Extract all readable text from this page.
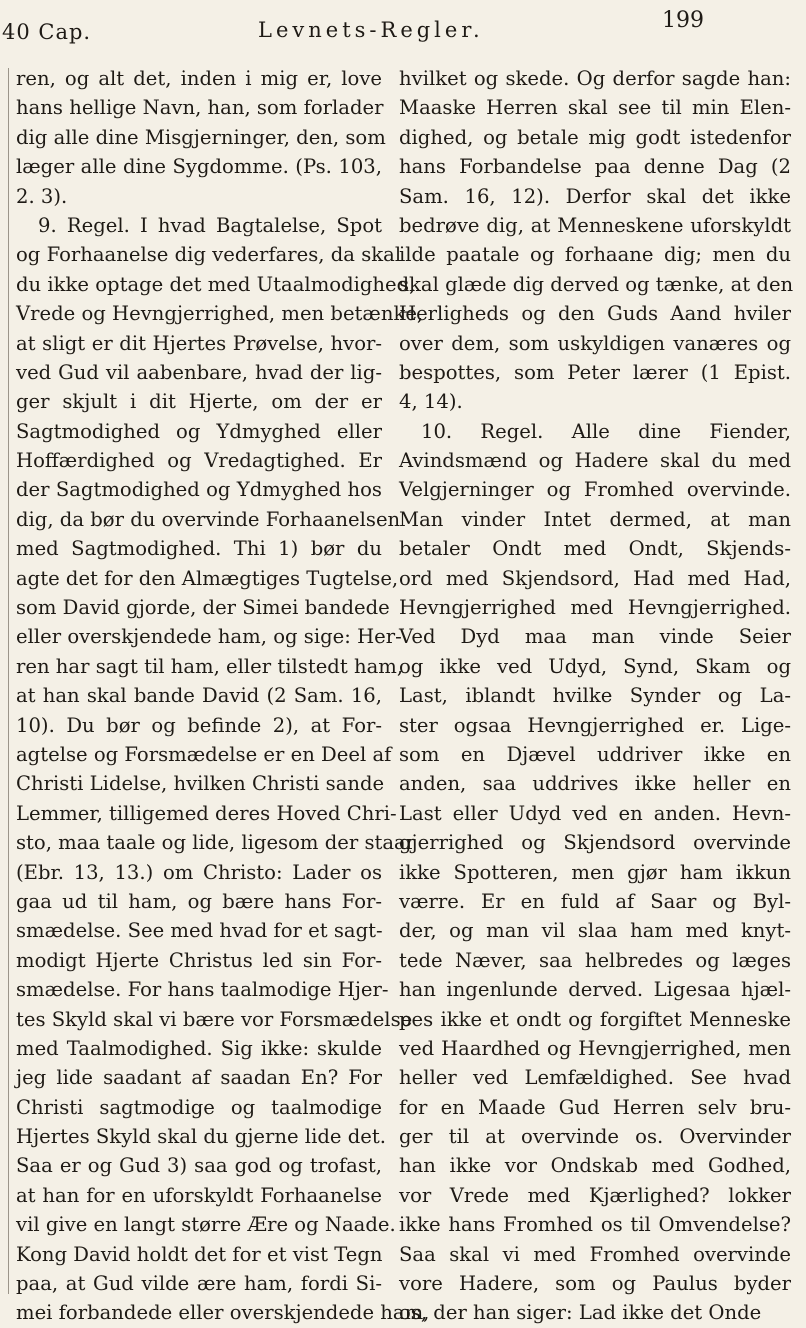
40 Cap.	Levnets-Regler.	199
ren, og alt det, inden i mig er, love
hans hellige Navn, han, som forlader
dig alle dine Misgjerninger, den, som
læger alle dine Sygdomme. (Ps. 103,
2. 3).
9. Regel. I hvad Bagtalelse, Spot
og Forhaanelse dig vederfares, da skal
du ikke optage det med Utaalmodighed,
Vrede og Hevngjerrighed, men betænke,
at sligt er dit Hjertes Prøvelse, hvor-
ved Gud vil aabenbare, hvad der lig-
ger skjult i dit Hjerte, om der er
Sagtmodighed og Ydmyghed eller
Hoffærdighed og Vredagtighed. Er
der Sagtmodighed og Ydmyghed hos
dig, da bør du overvinde Forhaanelsen
med Sagtmodighed. Thi 1) bør du
agte det for den Almægtiges Tugtelse,
som David gjorde, der Simei bandede
eller overskjendede ham, og sige: Her-
ren har sagt til ham, eller tilstedt ham,
at han skal bande David (2 Sam. 16,
10). Du bør og befinde 2), at For-
agtelse og Forsmædelse er en Deel af
Christi Lidelse, hvilken Christi sande
Lemmer, tilligemed deres Hoved Chri-
sto, maa taale og lide, ligesom der staar
(Ebr. 13, 13.) om Christo: Lader os
gaa ud til ham, og bære hans For-
smædelse. See med hvad for et sagt-
modigt Hjerte Christus led sin For-
smædelse. For hans taalmodige Hjer-
tes Skyld skal vi bære vor Forsmædelse
med Taalmodighed. Sig ikke: skulde
jeg lide saadant af saadan En? For
Christi sagtmodige og taalmodige
Hjertes Skyld skal du gjerne lide det.
Saa er og Gud 3) saa god og trofast,
at han for en uforskyldt Forhaanelse
vil give en langt større Ære og Naade.
Kong David holdt det for et vist Tegn
paa, at Gud vilde ære ham, fordi Si-
mei forbandede eller overskjendede ham,
hvilket og skede. Og derfor sagde han:
Maaske Herren skal see til min Elen-
dighed, og betale mig godt istedenfor
hans Forbandelse paa denne Dag (2
Sam. 16, 12). Derfor skal det ikke
bedrøve dig, at Menneskene uforskyldt
ilde paatale og forhaane dig; men du
skal glæde dig derved og tænke, at den
Herligheds og den Guds Aand hviler
over dem, som uskyldigen vanæres og
bespottes, som Peter lærer (1 Epist.
4, 14).
10. Regel. Alle dine Fiender,
Avindsmænd og Hadere skal du med
Velgjerninger og Fromhed overvinde.
Man vinder Intet dermed, at man
betaler Ondt med Ondt, Skjends-
ord med Skjendsord, Had med Had,
Hevngjerrighed med Hevngjerrighed.
Ved Dyd maa man vinde Seier
og ikke ved Udyd, Synd, Skam og
Last, iblandt hvilke Synder og La-
ster ogsaa Hevngjerrighed er. Lige-
som en Djævel uddriver ikke en
anden, saa uddrives ikke heller en
Last eller Udyd ved en anden. Hevn-
gjerrighed og Skjendsord overvinde
ikke Spotteren, men gjør ham ikkun
værre. Er en fuld af Saar og Byl-
der, og man vil slaa ham med knyt-
tede Næver, saa helbredes og læges
han ingenlunde derved. Ligesaa hjæl-
pes ikke et ondt og forgiftet Menneske
ved Haardhed og Hevngjerrighed, men
heller ved Lemfældighed. See hvad
for en Maade Gud Herren selv bru-
ger til at overvinde os. Overvinder
han ikke vor Ondskab med Godhed,
vor Vrede med Kjærlighed? lokker
ikke hans Fromhed os til Omvendelse?
Saa skal vi med Fromhed overvinde
vore Hadere, som og Paulus byder
os, der han siger: Lad ikke det Onde
